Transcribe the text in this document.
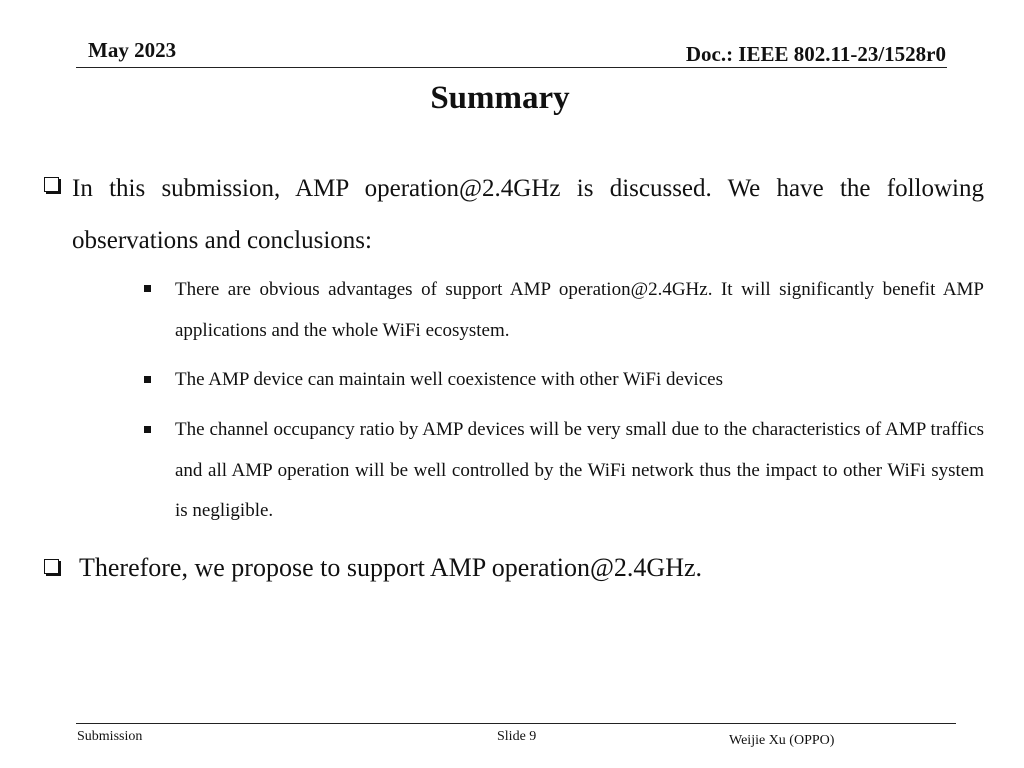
May 2023	Doc.: IEEE 802.11-23/1528r0
Summary
In this submission, AMP operation@2.4GHz is discussed. We have the following observations and conclusions:
There are obvious advantages of support AMP operation@2.4GHz. It will significantly benefit AMP applications and the whole WiFi ecosystem.
The AMP device can maintain well coexistence with other WiFi devices
The channel occupancy ratio by AMP devices will be very small due to the characteristics of AMP traffics and all AMP operation will be well controlled by the WiFi network thus the impact to other WiFi system is negligible.
Therefore, we propose to support AMP operation@2.4GHz.
Submission	Slide 9	Weijie Xu (OPPO)
